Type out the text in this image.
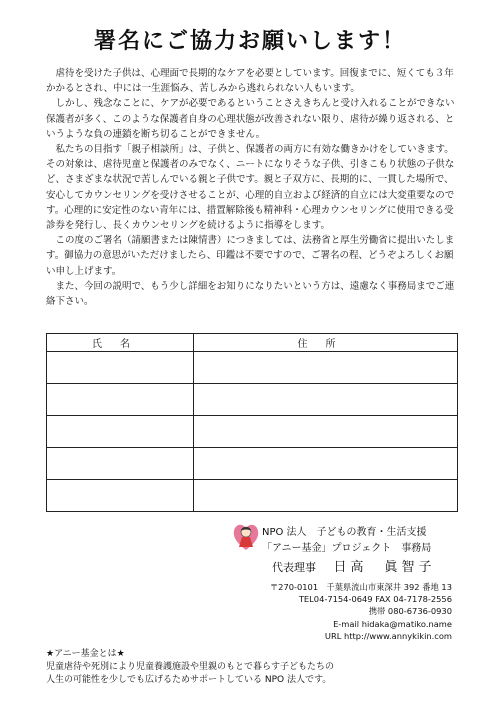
署名にご協力お願いします！

虐待を受けた子供は、心理面で長期的なケアを必要としています。回復までに、短くても３年かかるとされ、中には一生涯悩み、苦しみから逃れられない人もいます。

しかし、残念なことに、ケアが必要であるということさえきちんと受け入れることができない保護者が多く、このような保護者自身の心理状態が改善されない限り、虐待が繰り返される、というような負の連鎖を断ち切ることができません。

私たちの目指す「親子相談所」は、子供と、保護者の両方に有効な働きかけをしていきます。その対象は、虐待児童と保護者のみでなく、ニートになりそうな子供、引きこもり状態の子供など、さまざまな状況で苦しんでいる親と子供です。親と子双方に、長期的に、一貫した場所で、安心してカウンセリングを受けさせることが、心理的自立および経済的自立には大変重要なのです。心理的に安定性のない青年には、措置解除後も精神科・心理カウンセリングに使用できる受診券を発行し、長くカウンセリングを続けるように指導をします。

この度のご署名（請願書または陳情書）につきましては、法務省と厚生労働省に提出いたします。御協力の意思がいただけましたら、印鑑は不要ですので、ご署名の程、どうぞよろしくお願い申し上げます。

また、今回の説明で、もう少し詳細をお知りになりたいという方は、遠慮なく事務局までご連絡下さい。

氏名	住所

NPO 法人　子どもの教育・生活支援
「アニー基金」プロジェクト　事務局
代表理事 日高　眞智子
〒270-0101　千葉県流山市東深井 392 番地 13
TEL04-7154-0649 FAX 04-7178-2556
携帯 080-6736-0930
E-mail hidaka@matiko.name
URL http://www.annykikin.com
★アニー基金とは★
児童虐待や死別により児童養護施設や里親のもとで暮らす子どもたちの
人生の可能性を少しでも広げるためサポートしている NPO 法人です。
